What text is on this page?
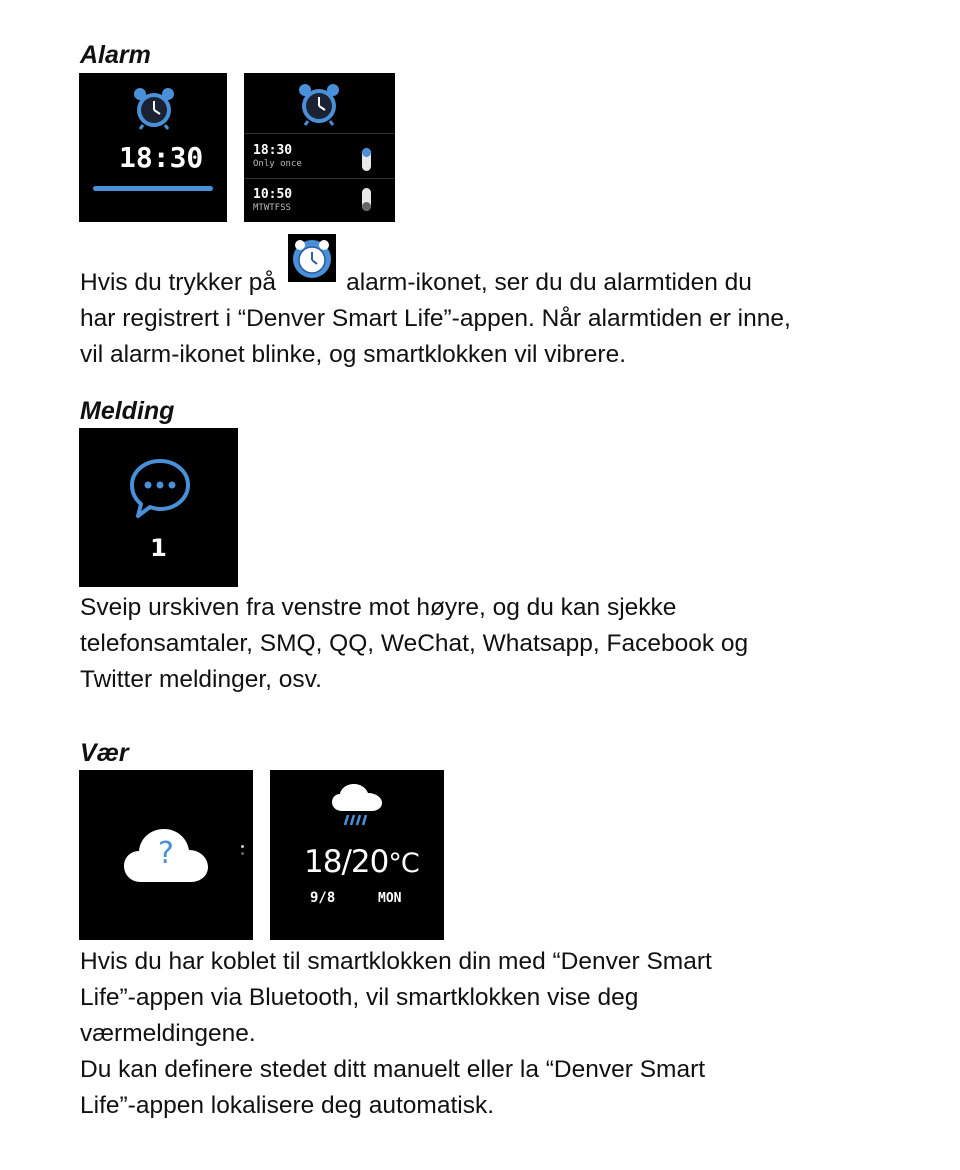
Alarm
18:30	18:30
Only once
10:50
MTWTFSS
Hvis du trykker på	alarm-ikonet, ser du du alarmtiden du
har registrert i “Denver Smart Life”-appen. Når alarmtiden er inne,
vil alarm-ikonet blinke, og smartklokken vil vibrere.
Melding
1
Sveip urskiven fra venstre mot høyre, og du kan sjekke
telefonsamtaler, SMQ, QQ, WeChat, Whatsapp, Facebook og
Twitter meldinger, osv.
Vær
?	18/20°C
9/8	MON
Hvis du har koblet til smartklokken din med “Denver Smart
Life”-appen via Bluetooth, vil smartklokken vise deg
værmeldingene.
Du kan definere stedet ditt manuelt eller la “Denver Smart
Life”-appen lokalisere deg automatisk.
